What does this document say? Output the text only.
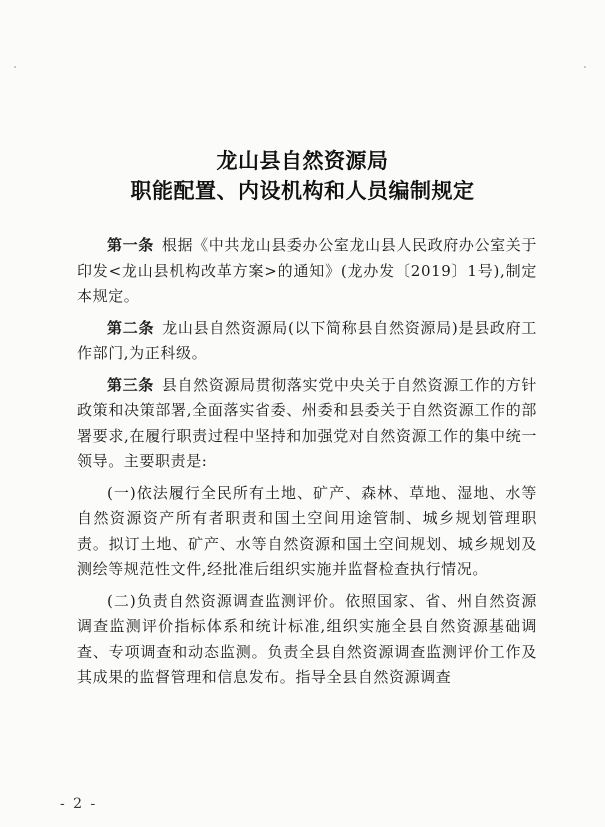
龙山县自然资源局
职能配置、内设机构和人员编制规定

第一条 根据《中共龙山县委办公室龙山县人民政府办公室关于印发<龙山县机构改革方案>的通知》(龙办发〔2019〕1号),制定本规定。

第二条 龙山县自然资源局(以下简称县自然资源局)是县政府工作部门,为正科级。

第三条 县自然资源局贯彻落实党中央关于自然资源工作的方针政策和决策部署,全面落实省委、州委和县委关于自然资源工作的部署要求,在履行职责过程中坚持和加强党对自然资源工作的集中统一领导。主要职责是:

(一)依法履行全民所有土地、矿产、森林、草地、湿地、水等自然资源资产所有者职责和国土空间用途管制、城乡规划管理职责。拟订土地、矿产、水等自然资源和国土空间规划、城乡规划及测绘等规范性文件,经批准后组织实施并监督检查执行情况。

(二)负责自然资源调查监测评价。依照国家、省、州自然资源调查监测评价指标体系和统计标准,组织实施全县自然资源基础调查、专项调查和动态监测。负责全县自然资源调查监测评价工作及其成果的监督管理和信息发布。指导全县自然资源调查

- 2 -
